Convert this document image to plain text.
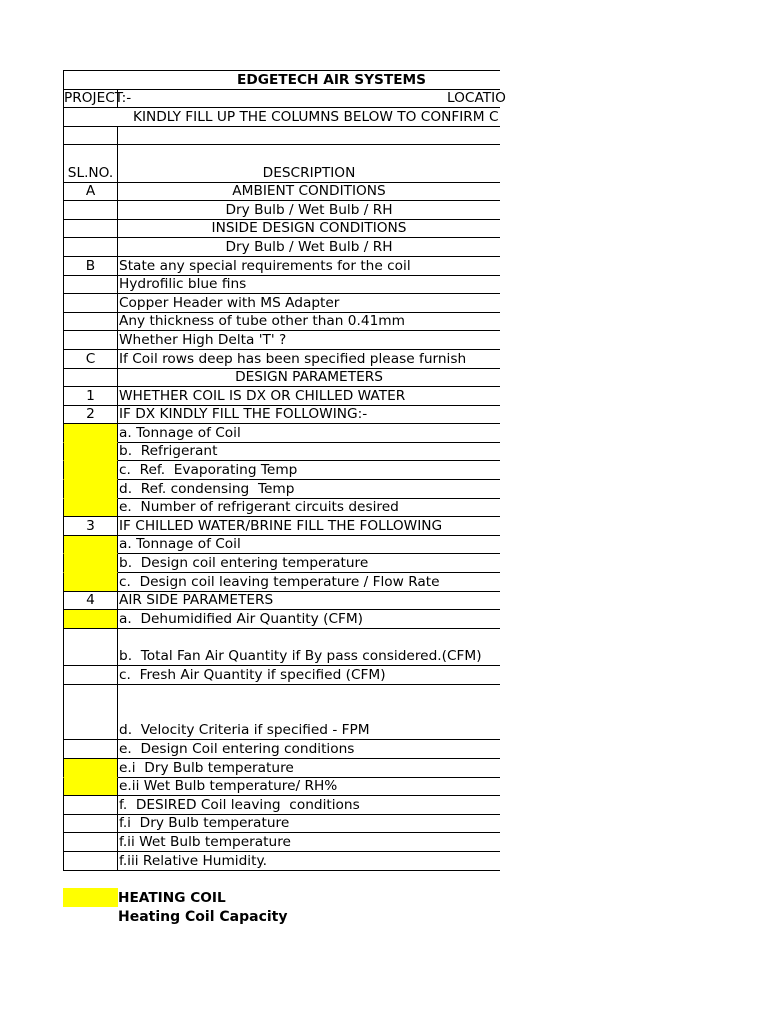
EDGETECH AIR SYSTEMS
PROJECT:-	LOCATIO
KINDLY FILL UP THE COLUMNS BELOW TO CONFIRM C
SL.NO.	DESCRIPTION
A	AMBIENT CONDITIONS
Dry Bulb / Wet Bulb / RH
INSIDE DESIGN CONDITIONS
Dry Bulb / Wet Bulb / RH
B State any special requirements for the coil
Hydrofilic blue fins
Copper Header with MS Adapter
Any thickness of tube other than 0.41mm
Whether High Delta 'T' ?
C If Coil rows deep has been specified please furnish
DESIGN PARAMETERS
1 WHETHER COIL IS DX OR CHILLED WATER
2 IF DX KINDLY FILL THE FOLLOWING:-
a. Tonnage of Coil
b.  Refrigerant
c.  Ref.  Evaporating Temp
d.  Ref. condensing  Temp
e.  Number of refrigerant circuits desired
3 IF CHILLED WATER/BRINE FILL THE FOLLOWING
a. Tonnage of Coil
b.  Design coil entering temperature
c.  Design coil leaving temperature / Flow Rate
4 AIR SIDE PARAMETERS
a.  Dehumidified Air Quantity (CFM)
b.  Total Fan Air Quantity if By pass considered.(CFM)
c.  Fresh Air Quantity if specified (CFM)
d.  Velocity Criteria if specified - FPM
e.  Design Coil entering conditions
e.i  Dry Bulb temperature
e.ii Wet Bulb temperature/ RH%
f.  DESIRED Coil leaving  conditions
f.i  Dry Bulb temperature
f.ii Wet Bulb temperature
f.iii Relative Humidity.
HEATING COIL
Heating Coil Capacity
